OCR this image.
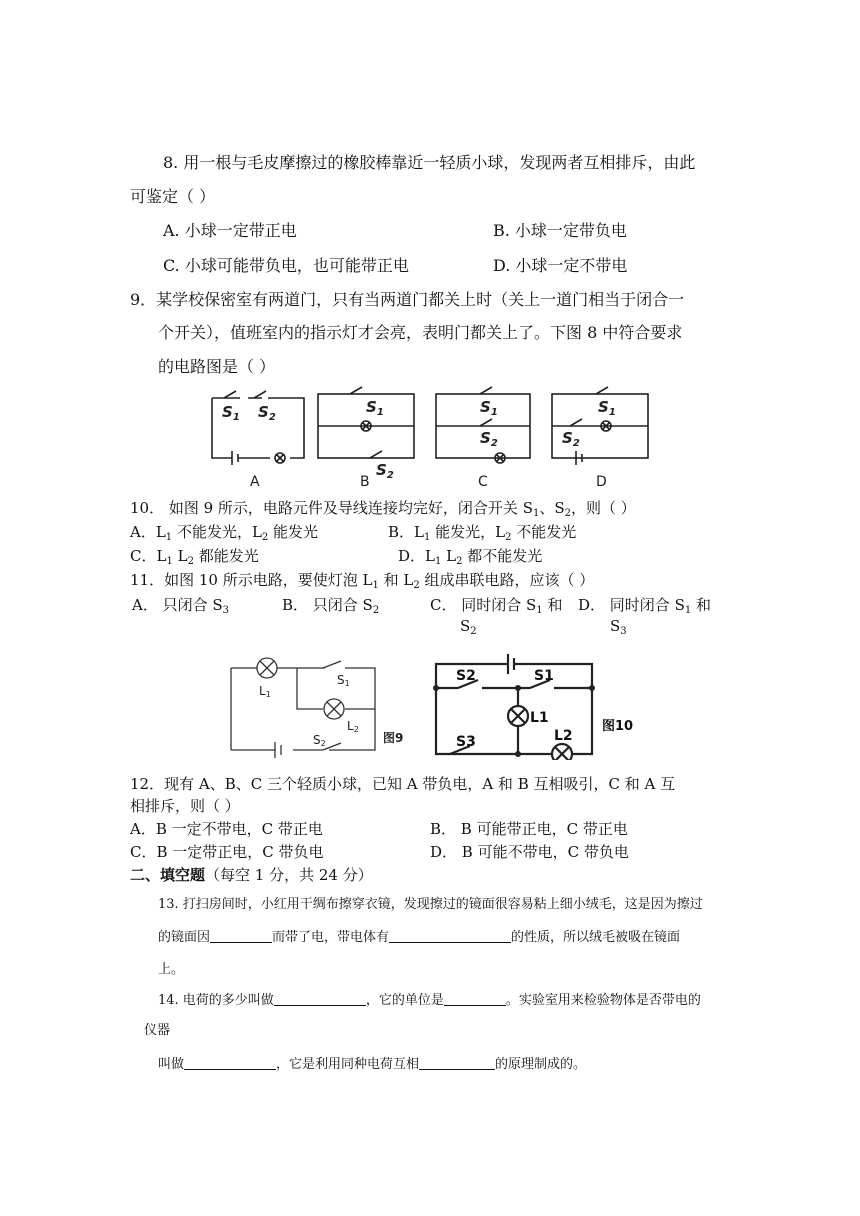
8. 用一根与毛皮摩擦过的橡胶棒靠近一轻质小球，发现两者互相排斥，由此
可鉴定（ ）
A. 小球一定带正电	B. 小球一定带负电
C. 小球可能带负电，也可能带正电	D. 小球一定不带电
9．某学校保密室有两道门，只有当两道门都关上时（关上一道门相当于闭合一
个开关），值班室内的指示灯才会亮，表明门都关上了。下图 8 中符合要求
的电路图是（ ）
$S_1$ $S_2$
$S_1$
$S_2$
$S_1$
$S_2$
$S_1$
$S_2$
A	B	C	D
10． 如图 9 所示，电路元件及导线连接均完好，闭合开关 $S_1$、$S_2$，则（ ）
A．$L_1$ 不能发光，$L_2$ 能发光	B．$L_1$ 能发光，$L_2$ 不能发光
C．$L_1$ $L_2$ 都能发光	D．$L_1$ $L_2$ 都不能发光
11．如图 10 所示电路，要使灯泡 $L_1$ 和 $L_2$ 组成串联电路，应该（ ）
A． 只闭合 $S_3$	B． 只闭合 $S_2$	C． 同时闭合 $S_1$ 和
$S_2$
D． 同时闭合 $S_1$ 和
$S_3$
L1
S1
L2
S2	图9
S2	S1
L1
S3	L2
图10
12．现有 A、B、C 三个轻质小球，已知 A 带负电，A 和 B 互相吸引，C 和 A 互
相排斥，则（ ）
A．B 一定不带电，C 带正电	B． B 可能带正电，C 带正电
C．B 一定带正电，C 带负电	D． B 可能不带电，C 带负电
二、填空题（每空 1 分，共 24 分）
13. 打扫房间时，小红用干绸布擦穿衣镜，发现擦过的镜面很容易粘上细小绒毛，这是因为擦过
的镜面因	而带了电，带电体有	的性质，所以绒毛被吸在镜面
上。
14. 电荷的多少叫做	，它的单位是	。实验室用来检验物体是否带电的
仪器
叫做	，它是利用同种电荷互相	的原理制成的。
